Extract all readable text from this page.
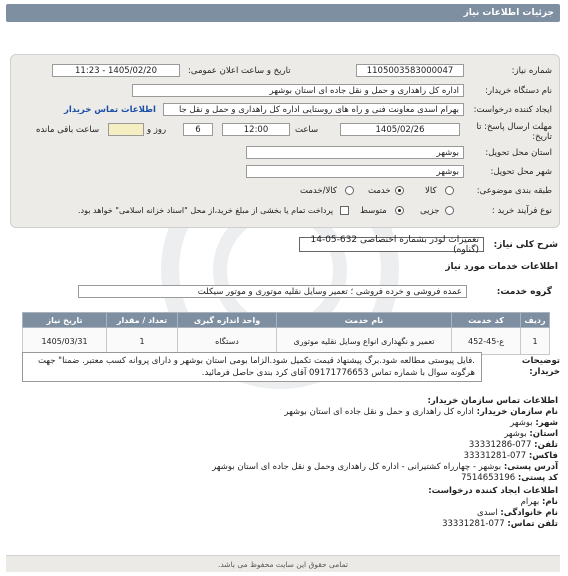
جزئیات اطلاعات نیاز
شماره نیاز:
1105003583000047
تاریخ و ساعت اعلان عمومی:
1405/02/20 - 11:23
نام دستگاه خریدار:
اداره کل راهداری و حمل و نقل جاده ای استان بوشهر
ایجاد کننده درخواست:
بهرام اسدی معاونت فنی و راه های روستایی اداره کل راهداری و حمل و نقل جا
اطلاعات تماس خریدار
مهلت ارسال پاسخ: تا تاریخ:
1405/02/26
ساعت
12:00
6
روز و
ساعت باقی مانده
استان محل تحویل:
بوشهر
شهر محل تحویل:
بوشهر
طبقه بندی موضوعی:
کالا
خدمت
کالا/خدمت
نوع فرآیند خرید :
جزیی
متوسط
پرداخت تمام یا بخشی از مبلغ خرید،از محل "اسناد خزانه اسلامی" خواهد بود.
شرح کلی نیاز:
تعمیرات لودر بشماره اختصاصی 632-05-14 (گناوه)
اطلاعات خدمات مورد نیاز
گروه خدمت:
عمده فروشی و خرده فروشی ؛ تعمیر وسایل نقلیه موتوری و موتور سیکلت
ردیف	کد خدمت	نام خدمت	واحد اندازه گیری	تعداد / مقدار	تاریخ نیاز
1	ع-45-452	تعمیر و نگهداری انواع وسایل نقلیه موتوری	دستگاه	1	1405/03/31
توضیحات خریدار:
.فایل پیوستی مطالعه شود.برگ پیشنهاد قیمت تکمیل شود.الزاما بومی استان بوشهر و دارای پروانه کسب معتبر. ضمنا" جهت هرگونه سوال با شماره تماس 09171776653 آقای کرد بندی حاصل فرمائید.
اطلاعات تماس سازمان خریدار:
نام سازمان خریدار: اداره کل راهداری و حمل و نقل جاده ای استان بوشهر
شهر: بوشهر
استان: بوشهر
تلفن: 077-33331286
فاکس: 077-33331281
آدرس پستی: بوشهر - چهارراه کشتیرانی - اداره کل راهداری وحمل و نقل جاده ای استان بوشهر
کد پستی: 7514653196
اطلاعات ایجاد کننده درخواست:
نام: بهرام
نام خانوادگی: اسدی
تلفن تماس: 077-33331281
تمامی حقوق این سایت محفوظ می باشد.
